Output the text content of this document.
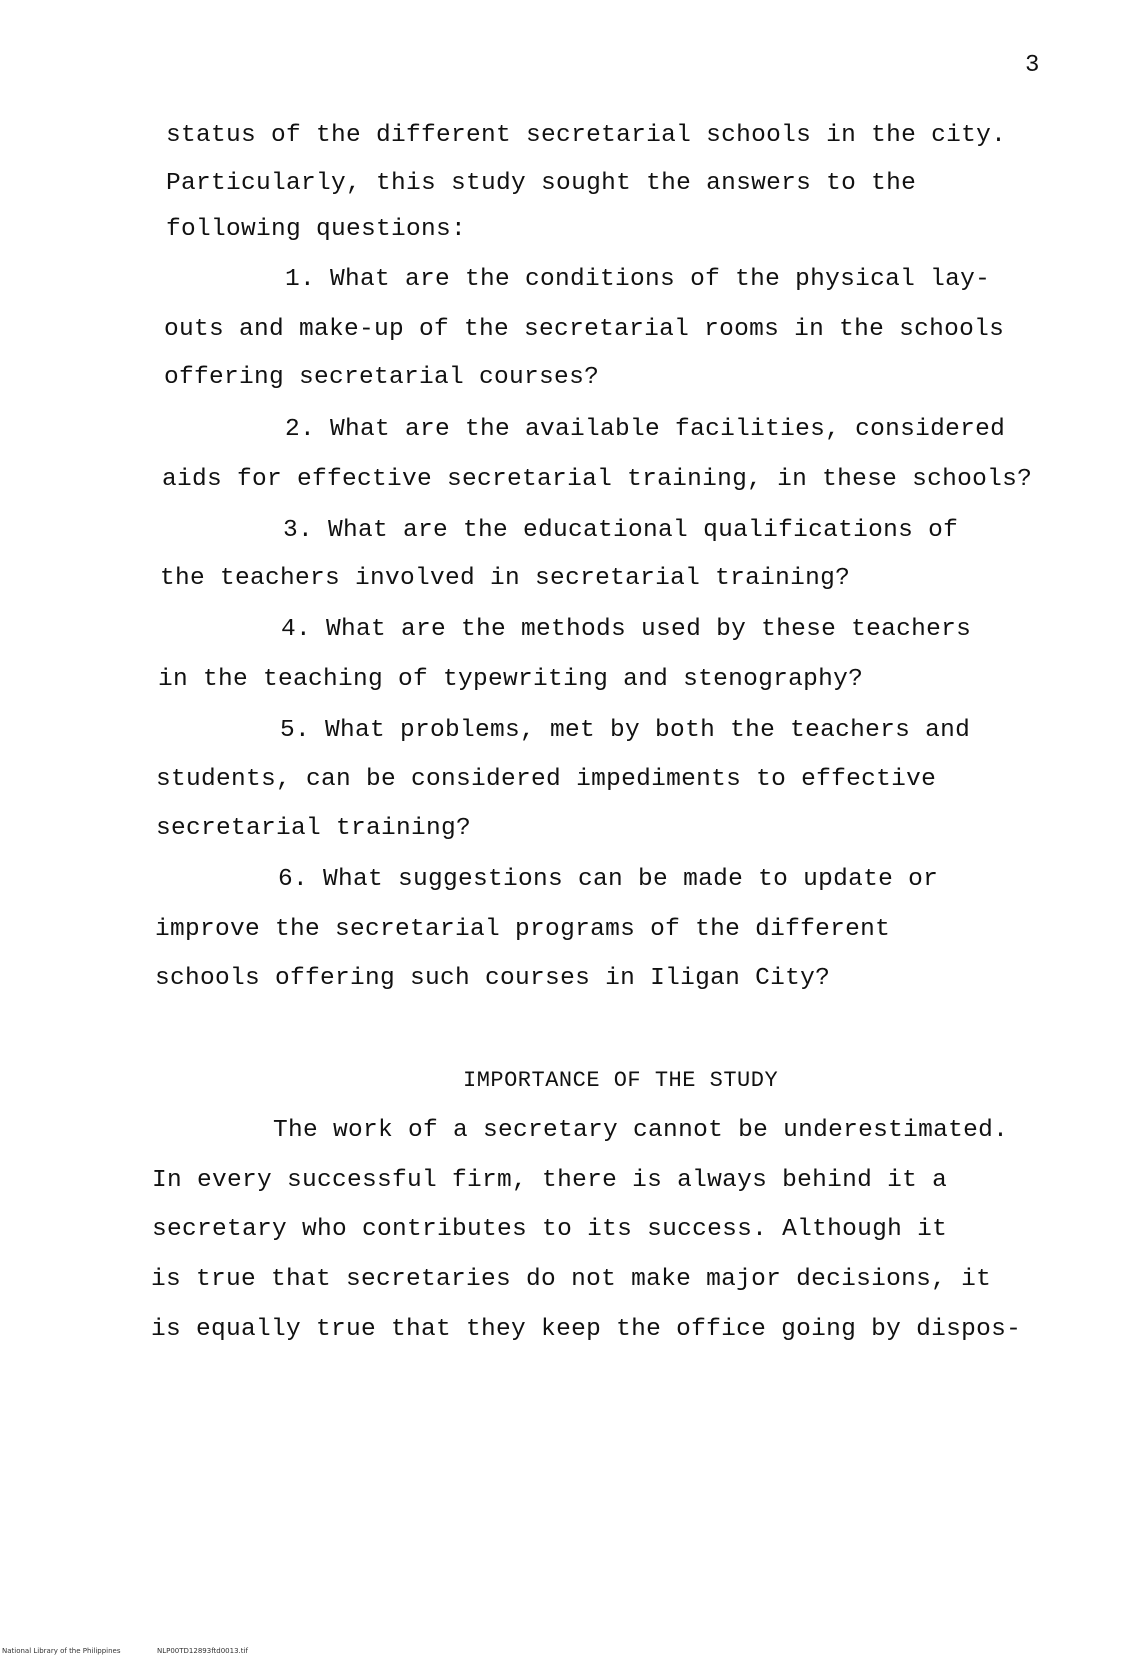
3
status of the different secretarial schools in the city.
Particularly, this study sought the answers to the
following questions:
1. What are the conditions of the physical lay-
outs and make-up of the secretarial rooms in the schools
offering secretarial courses?
2. What are the available facilities, considered
aids for effective secretarial training, in these schools?
3. What are the educational qualifications of
the teachers involved in secretarial training?
4. What are the methods used by these teachers
in the teaching of typewriting and stenography?
5. What problems, met by both the teachers and
students, can be considered impediments to effective
secretarial training?
6. What suggestions can be made to update or
improve the secretarial programs of the different
schools offering such courses in Iligan City?
IMPORTANCE OF THE STUDY
The work of a secretary cannot be underestimated.
In every successful firm, there is always behind it a
secretary who contributes to its success. Although it
is true that secretaries do not make major decisions, it
is equally true that they keep the office going by dispos-
National Library of the Philippines	NLP00TD12893ftd0013.tif
